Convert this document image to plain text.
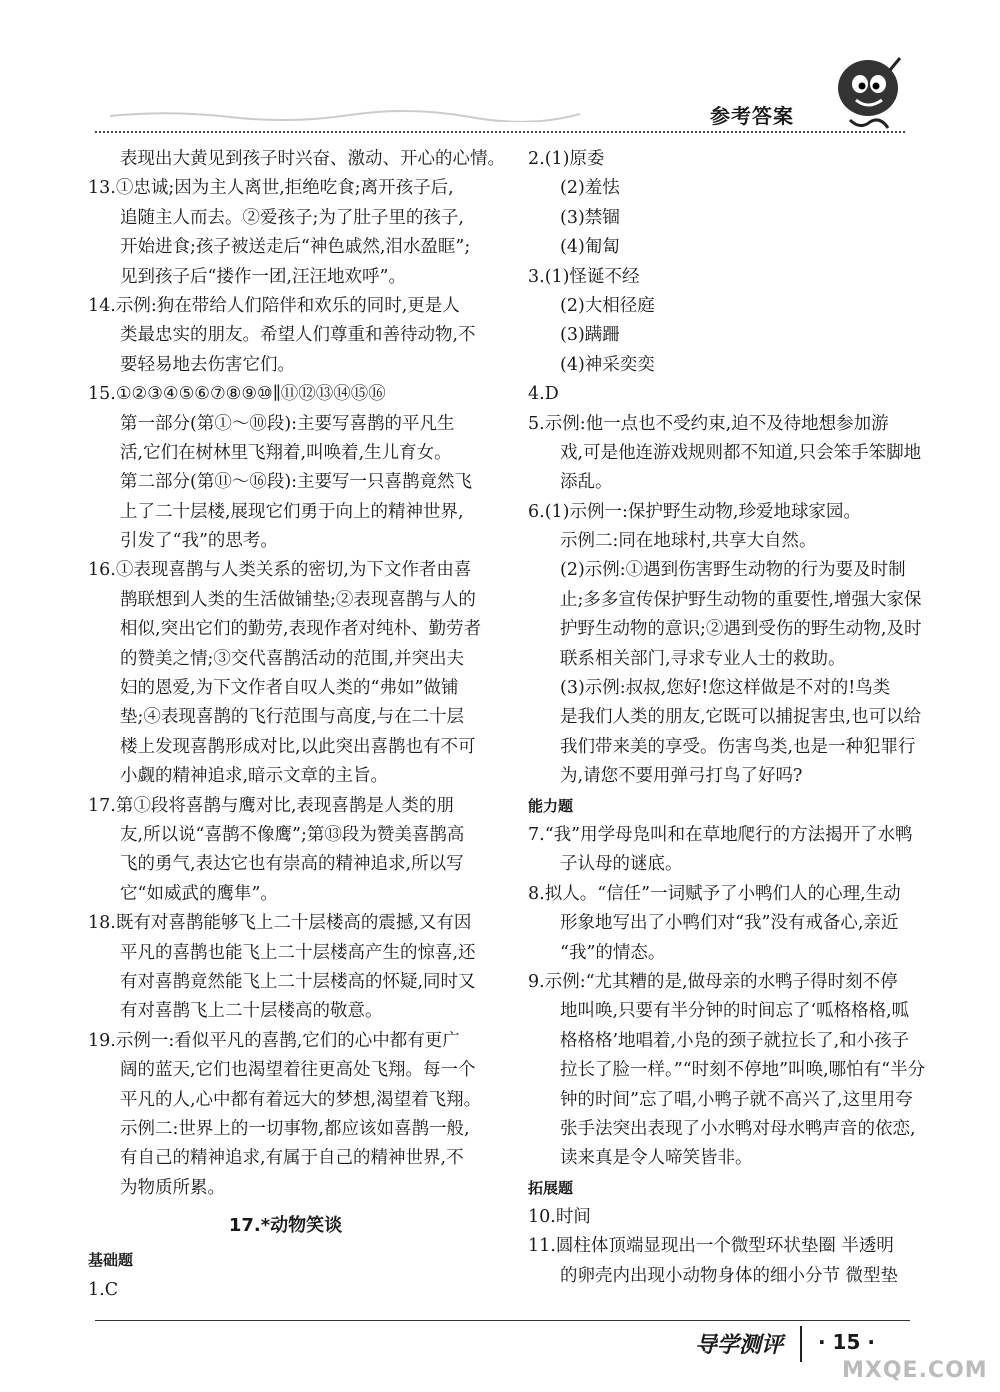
参考答案
表现出大黄见到孩子时兴奋、激动、开心的心情。
13.①忠诚;因为主人离世,拒绝吃食;离开孩子后,
追随主人而去。②爱孩子;为了肚子里的孩子,
开始进食;孩子被送走后“神色戚然,泪水盈眶”;
见到孩子后“搂作一团,汪汪地欢呼”。
14.示例:狗在带给人们陪伴和欢乐的同时,更是人
类最忠实的朋友。希望人们尊重和善待动物,不
要轻易地去伤害它们。
15.①②③④⑤⑥⑦⑧⑨⑩∥⑪⑫⑬⑭⑮⑯
第一部分(第①～⑩段):主要写喜鹊的平凡生
活,它们在树林里飞翔着,叫唤着,生儿育女。
第二部分(第⑪～⑯段):主要写一只喜鹊竟然飞
上了二十层楼,展现它们勇于向上的精神世界,
引发了“我”的思考。
16.①表现喜鹊与人类关系的密切,为下文作者由喜
鹊联想到人类的生活做铺垫;②表现喜鹊与人的
相似,突出它们的勤劳,表现作者对纯朴、勤劳者
的赞美之情;③交代喜鹊活动的范围,并突出夫
妇的恩爱,为下文作者自叹人类的“弗如”做铺
垫;④表现喜鹊的飞行范围与高度,与在二十层
楼上发现喜鹊形成对比,以此突出喜鹊也有不可
小觑的精神追求,暗示文章的主旨。
17.第①段将喜鹊与鹰对比,表现喜鹊是人类的朋
友,所以说“喜鹊不像鹰”;第⑬段为赞美喜鹊高
飞的勇气,表达它也有崇高的精神追求,所以写
它“如威武的鹰隼”。
18.既有对喜鹊能够飞上二十层楼高的震撼,又有因
平凡的喜鹊也能飞上二十层楼高产生的惊喜,还
有对喜鹊竟然能飞上二十层楼高的怀疑,同时又
有对喜鹊飞上二十层楼高的敬意。
19.示例一:看似平凡的喜鹊,它们的心中都有更广
阔的蓝天,它们也渴望着往更高处飞翔。每一个
平凡的人,心中都有着远大的梦想,渴望着飞翔。
示例二:世界上的一切事物,都应该如喜鹊一般,
有自己的精神追求,有属于自己的精神世界,不
为物质所累。
17.*动物笑谈
基础题
1.C
2.(1)原委
(2)羞怯
(3)禁锢
(4)匍匐
3.(1)怪诞不经
(2)大相径庭
(3)蹒跚
(4)神采奕奕
4.D
5.示例:他一点也不受约束,迫不及待地想参加游
戏,可是他连游戏规则都不知道,只会笨手笨脚地
添乱。
6.(1)示例一:保护野生动物,珍爱地球家园。
示例二:同在地球村,共享大自然。
(2)示例:①遇到伤害野生动物的行为要及时制
止;多多宣传保护野生动物的重要性,增强大家保
护野生动物的意识;②遇到受伤的野生动物,及时
联系相关部门,寻求专业人士的救助。
(3)示例:叔叔,您好!您这样做是不对的!鸟类
是我们人类的朋友,它既可以捕捉害虫,也可以给
我们带来美的享受。伤害鸟类,也是一种犯罪行
为,请您不要用弹弓打鸟了好吗?
能力题
7.“我”用学母凫叫和在草地爬行的方法揭开了水鸭
子认母的谜底。
8.拟人。“信任”一词赋予了小鸭们人的心理,生动
形象地写出了小鸭们对“我”没有戒备心,亲近
“我”的情态。
9.示例:“尤其糟的是,做母亲的水鸭子得时刻不停
地叫唤,只要有半分钟的时间忘了‘呱格格格,呱
格格格’地唱着,小凫的颈子就拉长了,和小孩子
拉长了脸一样。”“时刻不停地”叫唤,哪怕有“半分
钟的时间”忘了唱,小鸭子就不高兴了,这里用夸
张手法突出表现了小水鸭对母水鸭声音的依恋,
读来真是令人啼笑皆非。
拓展题
10.时间
11.圆柱体顶端显现出一个微型环状垫圈 半透明
的卵壳内出现小动物身体的细小分节 微型垫
导学测评 · 15 ·
MXQE.COM
